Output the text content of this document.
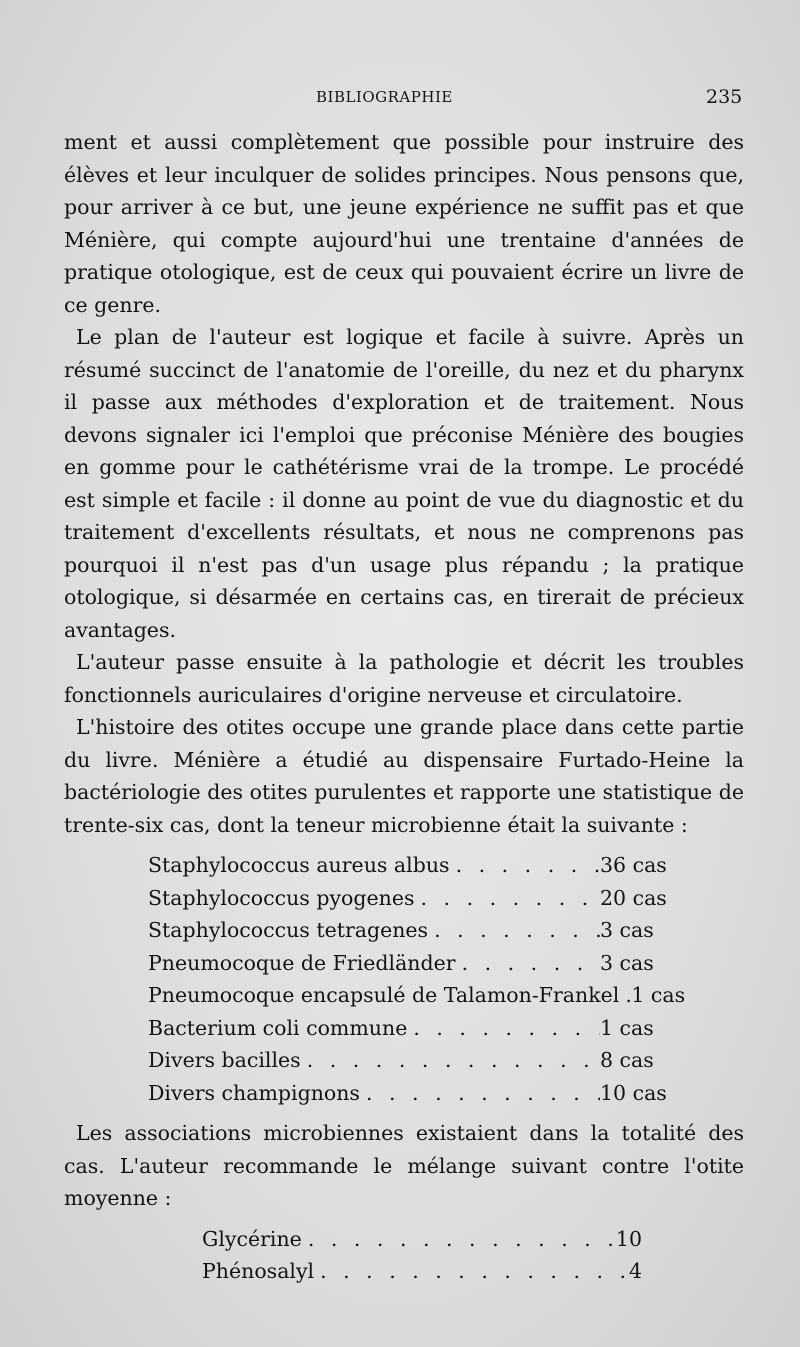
BIBLIOGRAPHIE	235

ment et aussi complètement que possible pour instruire des élèves et leur inculquer de solides principes. Nous pensons que, pour arriver à ce but, une jeune expérience ne suffit pas et que Ménière, qui compte aujourd'hui une trentaine d'années de pratique otologique, est de ceux qui pouvaient écrire un livre de ce genre.

Le plan de l'auteur est logique et facile à suivre. Après un résumé succinct de l'anatomie de l'oreille, du nez et du pharynx il passe aux méthodes d'exploration et de traitement. Nous devons signaler ici l'emploi que préconise Ménière des bougies en gomme pour le cathétérisme vrai de la trompe. Le procédé est simple et facile : il donne au point de vue du diagnostic et du traitement d'excellents résultats, et nous ne comprenons pas pourquoi il n'est pas d'un usage plus répandu ; la pratique otologique, si désarmée en certains cas, en tirerait de précieux avantages.

L'auteur passe ensuite à la pathologie et décrit les troubles fonctionnels auriculaires d'origine nerveuse et circulatoire.

L'histoire des otites occupe une grande place dans cette partie du livre. Ménière a étudié au dispensaire Furtado-Heine la bactériologie des otites purulentes et rapporte une statistique de trente-six cas, dont la teneur microbienne était la suivante :

Staphylococcus aureus albus . . .	36 cas
Staphylococcus pyogenes . . .	20 cas
Staphylococcus tetragenes . . .	3 cas
Pneumocoque de Friedländer . . .	3 cas
Pneumocoque encapsulé de Talamon-Frankel . . . 1 cas
Bacterium coli commune . . .	1 cas
Divers bacilles . . .	8 cas
Divers champignons . . .	10 cas

Les associations microbiennes existaient dans la totalité des cas. L'auteur recommande le mélange suivant contre l'otite moyenne :

Glycérine . . .	10
Phénosalyl . . .	4
